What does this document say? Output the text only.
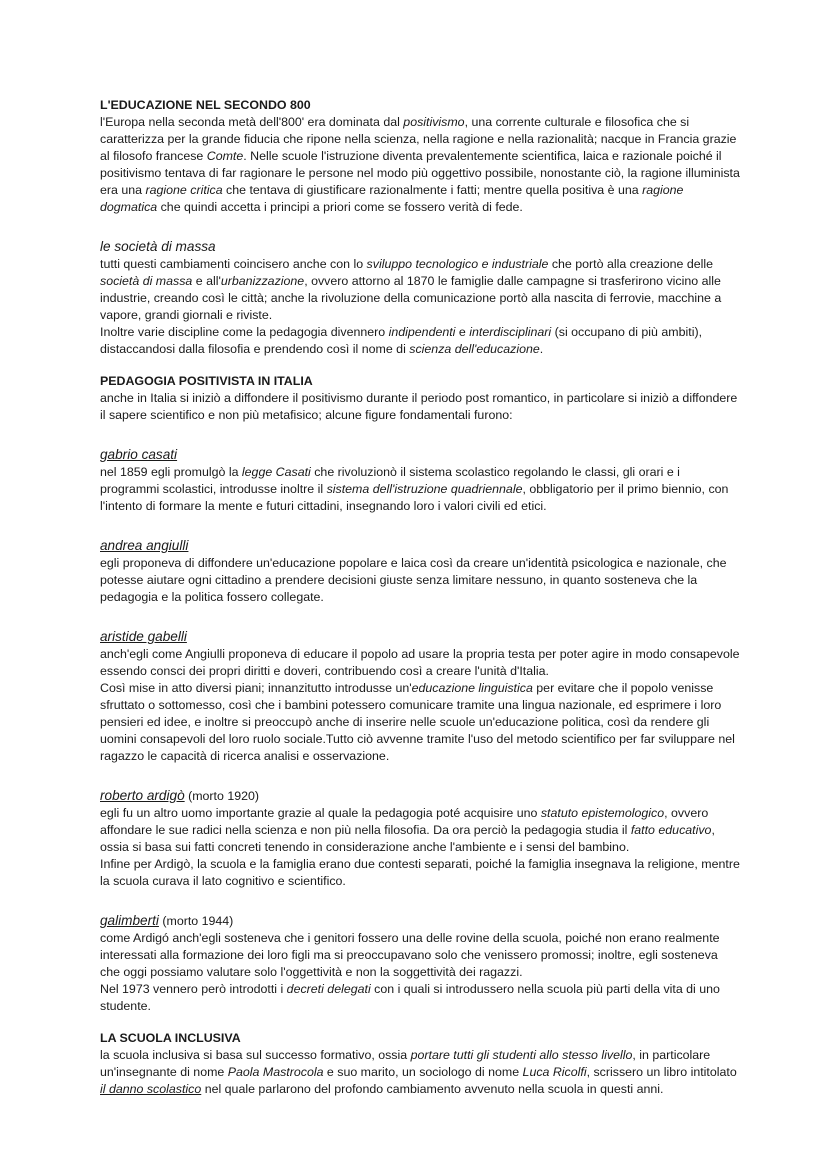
L'EDUCAZIONE NEL SECONDO 800

l'Europa nella seconda metà dell'800' era dominata dal positivismo, una corrente culturale e filosofica che si caratterizza per la grande fiducia che ripone nella scienza, nella ragione e nella razionalità; nacque in Francia grazie al filosofo francese Comte. Nelle scuole l'istruzione diventa prevalentemente scientifica, laica e razionale poiché il positivismo tentava di far ragionare le persone nel modo più oggettivo possibile, nonostante ciò, la ragione illuminista era una ragione critica che tentava di giustificare razionalmente i fatti; mentre quella positiva è una ragione dogmatica che quindi accetta i principi a priori come se fossero verità di fede.

le società di massa

tutti questi cambiamenti coincisero anche con lo sviluppo tecnologico e industriale che portò alla creazione delle società di massa e all'urbanizzazione, ovvero attorno al 1870 le famiglie dalle campagne si trasferirono vicino alle industrie, creando così le città; anche la rivoluzione della comunicazione portò alla nascita di ferrovie, macchine a vapore, grandi giornali e riviste.

Inoltre varie discipline come la pedagogia divennero indipendenti e interdisciplinari (si occupano di più ambiti), distaccandosi dalla filosofia e prendendo così il nome di scienza dell'educazione.

PEDAGOGIA POSITIVISTA IN ITALIA

anche in Italia si iniziò a diffondere il positivismo durante il periodo post romantico, in particolare si iniziò a diffondere il sapere scientifico e non più metafisico; alcune figure fondamentali furono:

gabrio casati

nel 1859 egli promulgò la legge Casati che rivoluzionò il sistema scolastico regolando le classi, gli orari e i programmi scolastici, introdusse inoltre il sistema dell'istruzione quadriennale, obbligatorio per il primo biennio, con l'intento di formare la mente e futuri cittadini, insegnando loro i valori civili ed etici.

andrea angiulli

egli proponeva di diffondere un'educazione popolare e laica così da creare un'identità psicologica e nazionale, che potesse aiutare ogni cittadino a prendere decisioni giuste senza limitare nessuno, in quanto sosteneva che la pedagogia e la politica fossero collegate.

aristide gabelli

anch'egli come Angiulli proponeva di educare il popolo ad usare la propria testa per poter agire in modo consapevole essendo consci dei propri diritti e doveri, contribuendo così a creare l'unità d'Italia.

Così mise in atto diversi piani; innanzitutto introdusse un'educazione linguistica per evitare che il popolo venisse sfruttato o sottomesso, così che i bambini potessero comunicare tramite una lingua nazionale, ed esprimere i loro pensieri ed idee, e inoltre si preoccupò anche di inserire nelle scuole un'educazione politica, così da rendere gli uomini consapevoli del loro ruolo sociale.Tutto ciò avvenne tramite l'uso del metodo scientifico per far sviluppare nel ragazzo le capacità di ricerca analisi e osservazione.

roberto ardigò (morto 1920)

egli fu un altro uomo importante grazie al quale la pedagogia poté acquisire uno statuto epistemologico, ovvero affondare le sue radici nella scienza e non più nella filosofia. Da ora perciò la pedagogia studia il fatto educativo, ossia si basa sui fatti concreti tenendo in considerazione anche l'ambiente e i sensi del bambino.

Infine per Ardigò, la scuola e la famiglia erano due contesti separati, poiché la famiglia insegnava la religione, mentre la scuola curava il lato cognitivo e scientifico.

galimberti (morto 1944)

come Ardigó anch'egli sosteneva che i genitori fossero una delle rovine della scuola, poiché non erano realmente interessati alla formazione dei loro figli ma si preoccupavano solo che venissero promossi; inoltre, egli sosteneva che oggi possiamo valutare solo l'oggettività e non la soggettività dei ragazzi.

Nel 1973 vennero però introdotti i decreti delegati con i quali si introdussero nella scuola più parti della vita di uno studente.

LA SCUOLA INCLUSIVA

la scuola inclusiva si basa sul successo formativo, ossia portare tutti gli studenti allo stesso livello, in particolare un'insegnante di nome Paola Mastrocola e suo marito, un sociologo di nome Luca Ricolfi, scrissero un libro intitolato il danno scolastico nel quale parlarono del profondo cambiamento avvenuto nella scuola in questi anni.
